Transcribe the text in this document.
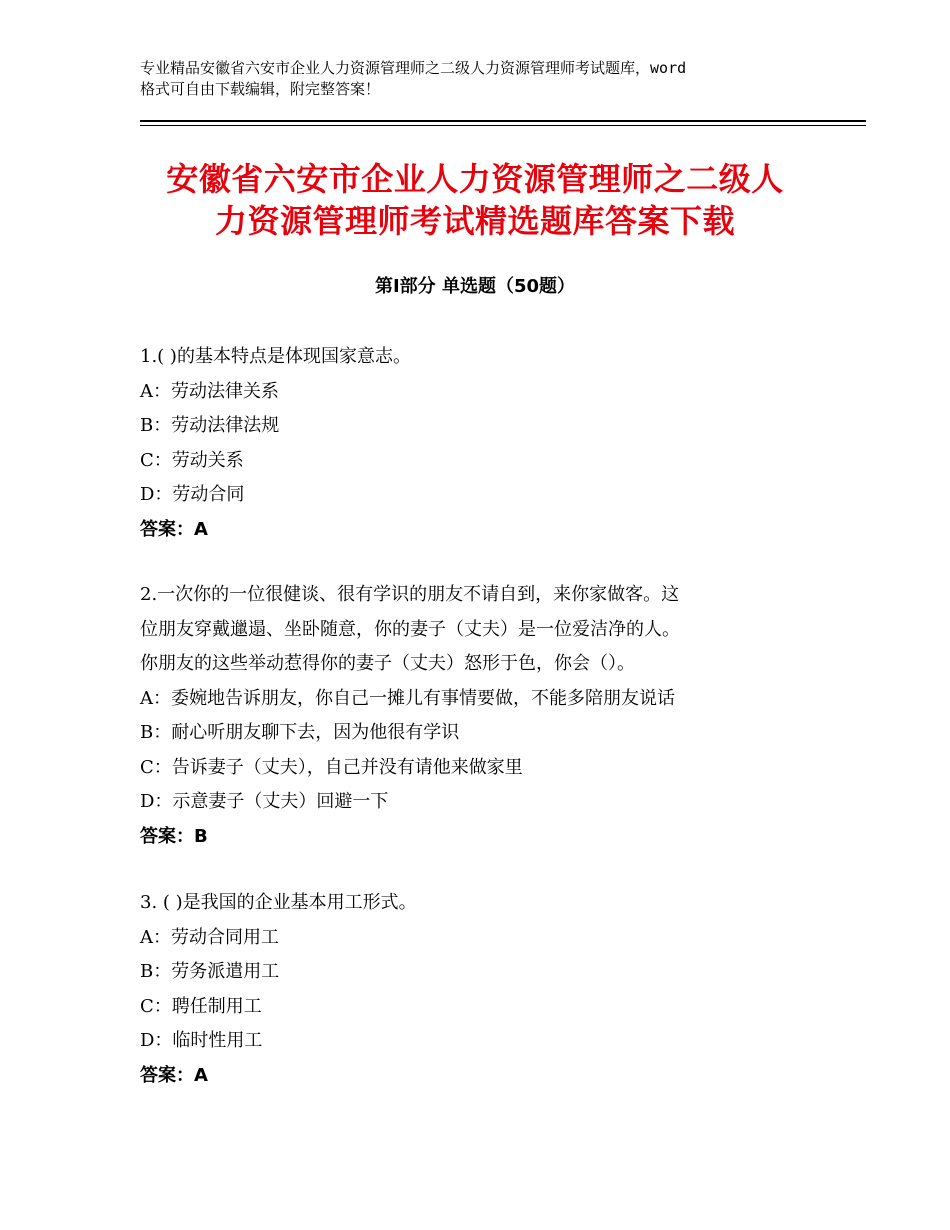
专业精品安徽省六安市企业人力资源管理师之二级人力资源管理师考试题库，word
格式可自由下载编辑，附完整答案！
安徽省六安市企业人力资源管理师之二级人
力资源管理师考试精选题库答案下载
第Ⅰ部分 单选题（50题）
1.( )的基本特点是体现国家意志。
A：劳动法律关系
B：劳动法律法规
C：劳动关系
D：劳动合同
答案：A
2.一次你的一位很健谈、很有学识的朋友不请自到，来你家做客。这
位朋友穿戴邋遢、坐卧随意，你的妻子（丈夫）是一位爱洁净的人。
你朋友的这些举动惹得你的妻子（丈夫）怒形于色，你会（）。
A：委婉地告诉朋友，你自己一摊儿有事情要做，不能多陪朋友说话
B：耐心听朋友聊下去，因为他很有学识
C：告诉妻子（丈夫），自己并没有请他来做家里
D：示意妻子（丈夫）回避一下
答案：B
3. ( )是我国的企业基本用工形式。
A：劳动合同用工
B：劳务派遣用工
C：聘任制用工
D：临时性用工
答案：A
